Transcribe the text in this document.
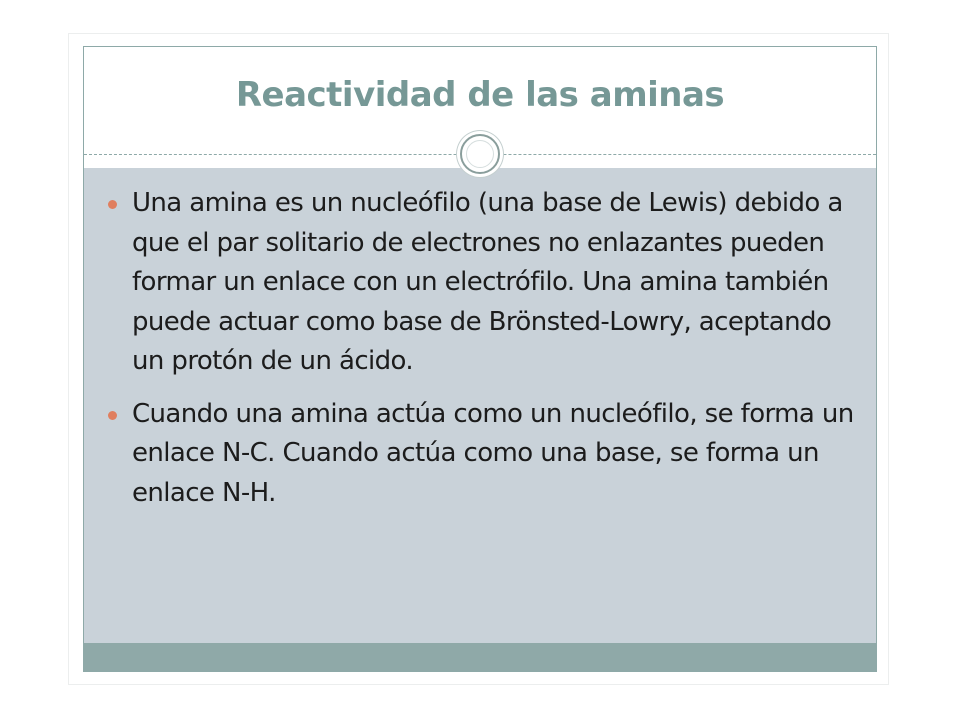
Reactividad de las aminas
Una amina es un nucleófilo (una base de Lewis) debido a que el par solitario de electrones no enlazantes pueden formar un enlace con un electrófilo. Una amina también puede actuar como base de Brönsted-Lowry, aceptando un protón de un ácido.
Cuando una amina actúa como un nucleófilo, se forma un enlace N-C. Cuando actúa como una base, se forma un enlace N-H.
